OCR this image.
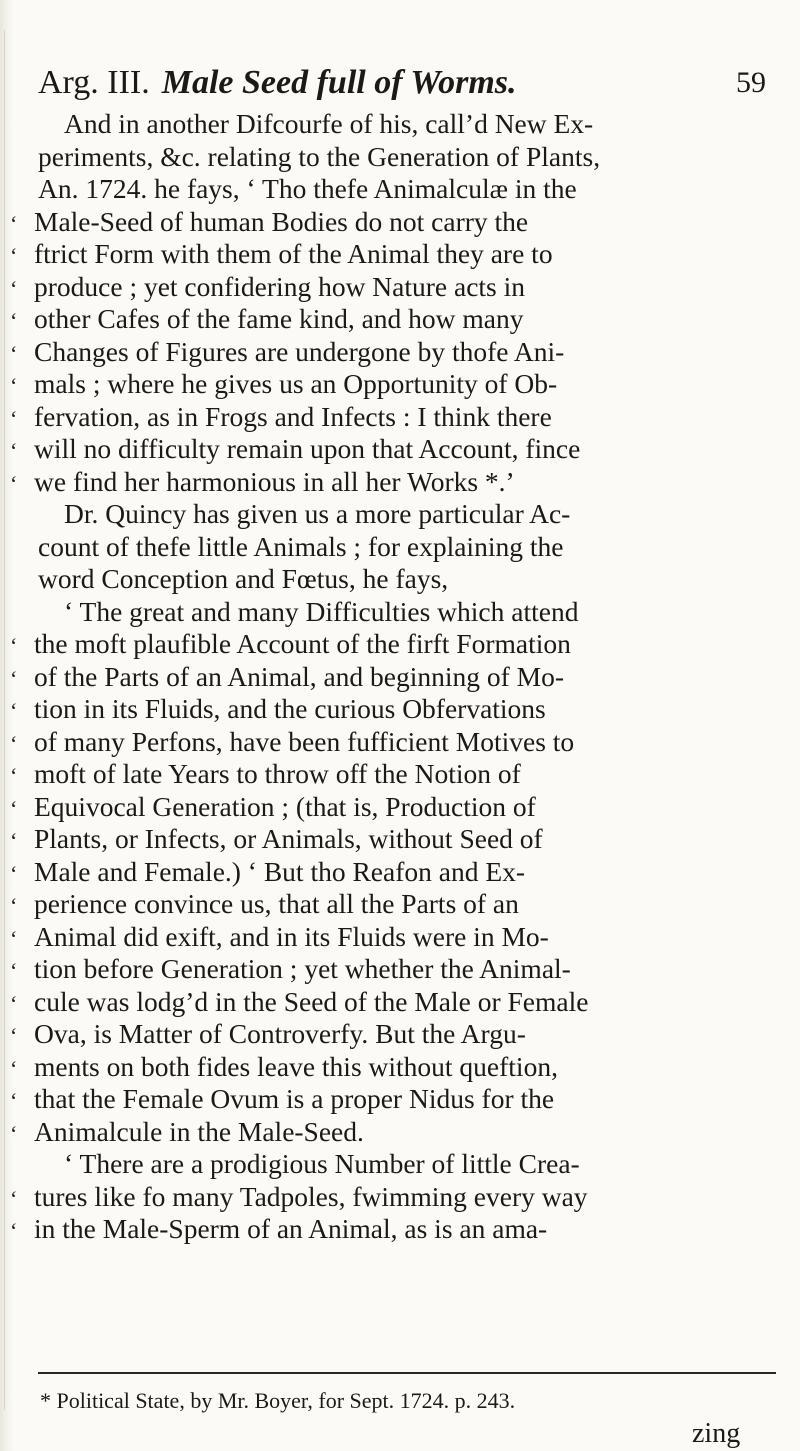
Arg. III. Male Seed full of Worms.	59
And in another Difcourfe of his, call’d New Ex-
periments, &c. relating to the Generation of Plants,
An. 1724. he fays, ‘ Tho thefe Animalculæ in the
‘ Male-Seed of human Bodies do not carry the
‘ ftrict Form with them of the Animal they are to
‘ produce ; yet confidering how Nature acts in
‘ other Cafes of the fame kind, and how many
‘ Changes of Figures are undergone by thofe Ani-
‘ mals ; where he gives us an Opportunity of Ob-
‘ fervation, as in Frogs and Infects : I think there
‘ will no difficulty remain upon that Account, fince
‘ we find her harmonious in all her Works *.’
Dr. Quincy has given us a more particular Ac-
count of thefe little Animals ; for explaining the
word Conception and Fœtus, he fays,
‘ The great and many Difficulties which attend
‘ the moft plaufible Account of the firft Formation
‘ of the Parts of an Animal, and beginning of Mo-
‘ tion in its Fluids, and the curious Obfervations
‘ of many Perfons, have been fufficient Motives to
‘ moft of late Years to throw off the Notion of
‘ Equivocal Generation ; (that is, Production of
‘ Plants, or Infects, or Animals, without Seed of
‘ Male and Female.) ‘ But tho Reafon and Ex-
‘ perience convince us, that all the Parts of an
‘ Animal did exift, and in its Fluids were in Mo-
‘ tion before Generation ; yet whether the Animal-
‘ cule was lodg’d in the Seed of the Male or Female
‘ Ova, is Matter of Controverfy. But the Argu-
‘ ments on both fides leave this without queftion,
‘ that the Female Ovum is a proper Nidus for the
‘ Animalcule in the Male-Seed.
‘ There are a prodigious Number of little Crea-
‘ tures like fo many Tadpoles, fwimming every way
‘ in the Male-Sperm of an Animal, as is an ama-
* Political State, by Mr. Boyer, for Sept. 1724. p. 243.
zing
